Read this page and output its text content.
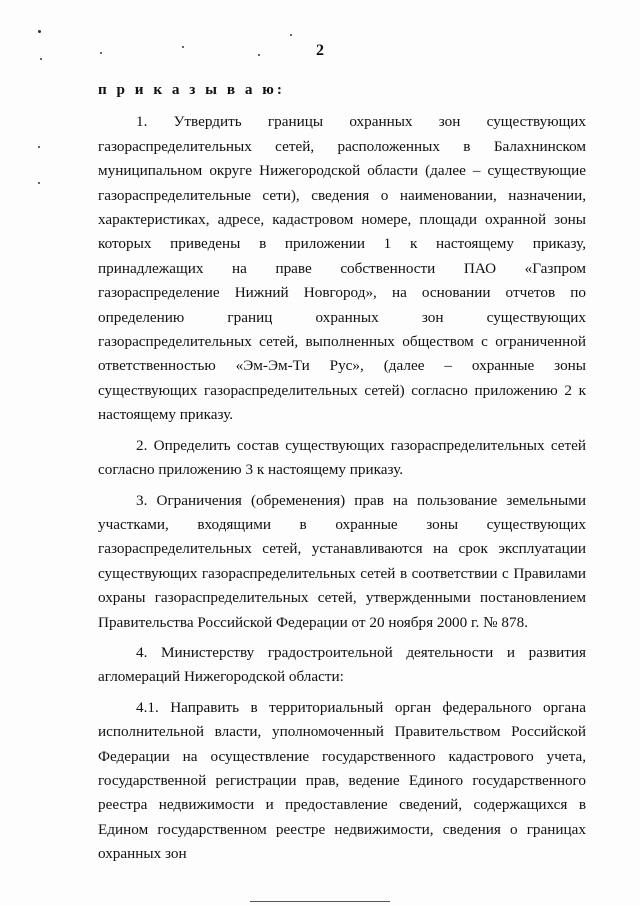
2

п р и к а з ы в а ю:

1. Утвердить границы охранных зон существующих газораспределительных сетей, расположенных в Балахнинском муниципальном округе Нижегородской области (далее – существующие газораспределительные сети), сведения о наименовании, назначении, характеристиках, адресе, кадастровом номере, площади охранной зоны которых приведены в приложении 1 к настоящему приказу, принадлежащих на праве собственности ПАО «Газпром газораспределение Нижний Новгород», на основании отчетов по определению границ охранных зон существующих газораспределительных сетей, выполненных обществом с ограниченной ответственностью «Эм-Эм-Ти Рус», (далее – охранные зоны существующих газораспределительных сетей) согласно приложению 2 к настоящему приказу.

2. Определить состав существующих газораспределительных сетей согласно приложению 3 к настоящему приказу.

3. Ограничения (обременения) прав на пользование земельными участками, входящими в охранные зоны существующих газораспределительных сетей, устанавливаются на срок эксплуатации существующих газораспределительных сетей в соответствии с Правилами охраны газораспределительных сетей, утвержденными постановлением Правительства Российской Федерации от 20 ноября 2000 г. № 878.

4. Министерству градостроительной деятельности и развития агломераций Нижегородской области:

4.1. Направить в территориальный орган федерального органа исполнительной власти, уполномоченный Правительством Российской Федерации на осуществление государственного кадастрового учета, государственной регистрации прав, ведение Единого государственного реестра недвижимости и предоставление сведений, содержащихся в Едином государственном реестре недвижимости, сведения о границах охранных зон
